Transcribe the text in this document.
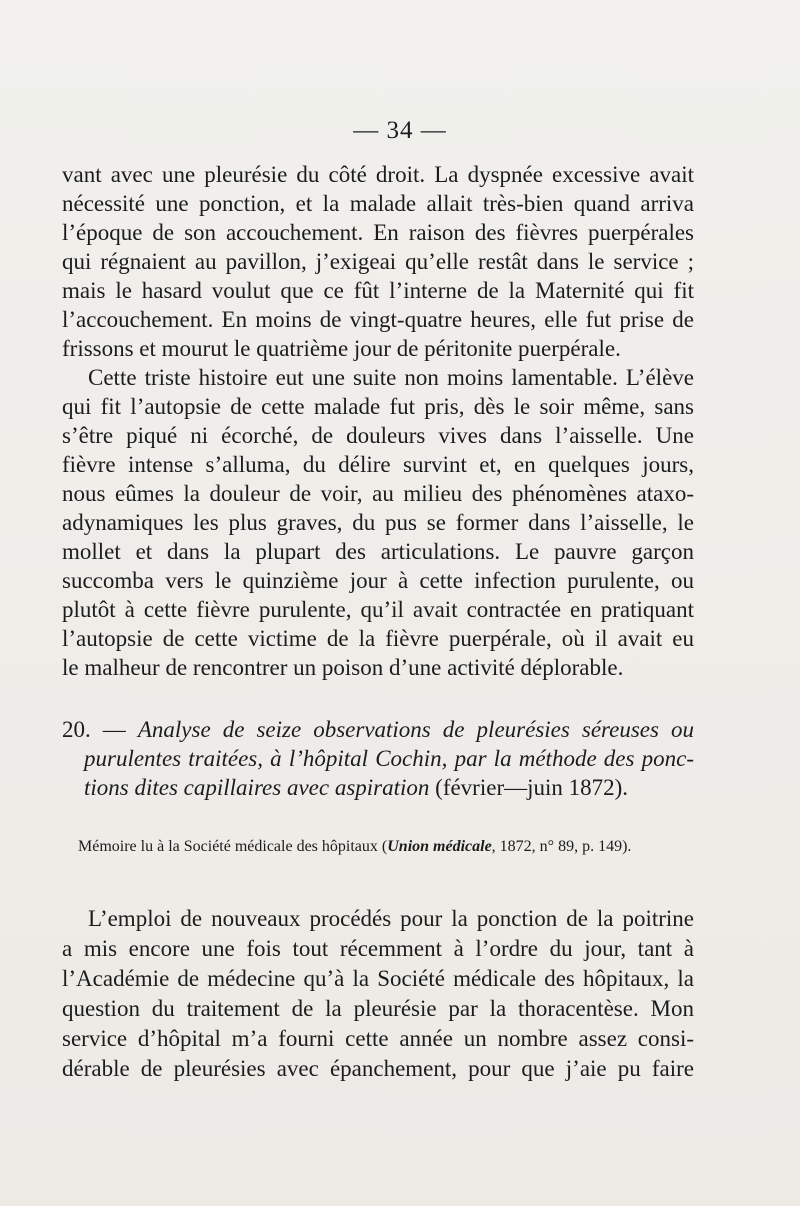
— 34 —
vant avec une pleurésie du côté droit. La dyspnée excessive avait
nécessité une ponction, et la malade allait très-bien quand arriva
l’époque de son accouchement. En raison des fièvres puerpérales
qui régnaient au pavillon, j’exigeai qu’elle restât dans le service ;
mais le hasard voulut que ce fût l’interne de la Maternité qui fit
l’accouchement. En moins de vingt-quatre heures, elle fut prise de
frissons et mourut le quatrième jour de péritonite puerpérale.
Cette triste histoire eut une suite non moins lamentable. L’élève
qui fit l’autopsie de cette malade fut pris, dès le soir même, sans
s’être piqué ni écorché, de douleurs vives dans l’aisselle. Une
fièvre intense s’alluma, du délire survint et, en quelques jours,
nous eûmes la douleur de voir, au milieu des phénomènes ataxo-
adynamiques les plus graves, du pus se former dans l’aisselle, le
mollet et dans la plupart des articulations. Le pauvre garçon
succomba vers le quinzième jour à cette infection purulente, ou
plutôt à cette fièvre purulente, qu’il avait contractée en pratiquant
l’autopsie de cette victime de la fièvre puerpérale, où il avait eu
le malheur de rencontrer un poison d’une activité déplorable.
20. — Analyse de seize observations de pleurésies séreuses ou
purulentes traitées, à l’hôpital Cochin, par la méthode des ponc-
tions dites capillaires avec aspiration (février—juin 1872).
Mémoire lu à la Société médicale des hôpitaux (Union médicale, 1872, n° 89, p. 149).
L’emploi de nouveaux procédés pour la ponction de la poitrine
a mis encore une fois tout récemment à l’ordre du jour, tant à
l’Académie de médecine qu’à la Société médicale des hôpitaux, la
question du traitement de la pleurésie par la thoracentèse. Mon
service d’hôpital m’a fourni cette année un nombre assez consi-
dérable de pleurésies avec épanchement, pour que j’aie pu faire
